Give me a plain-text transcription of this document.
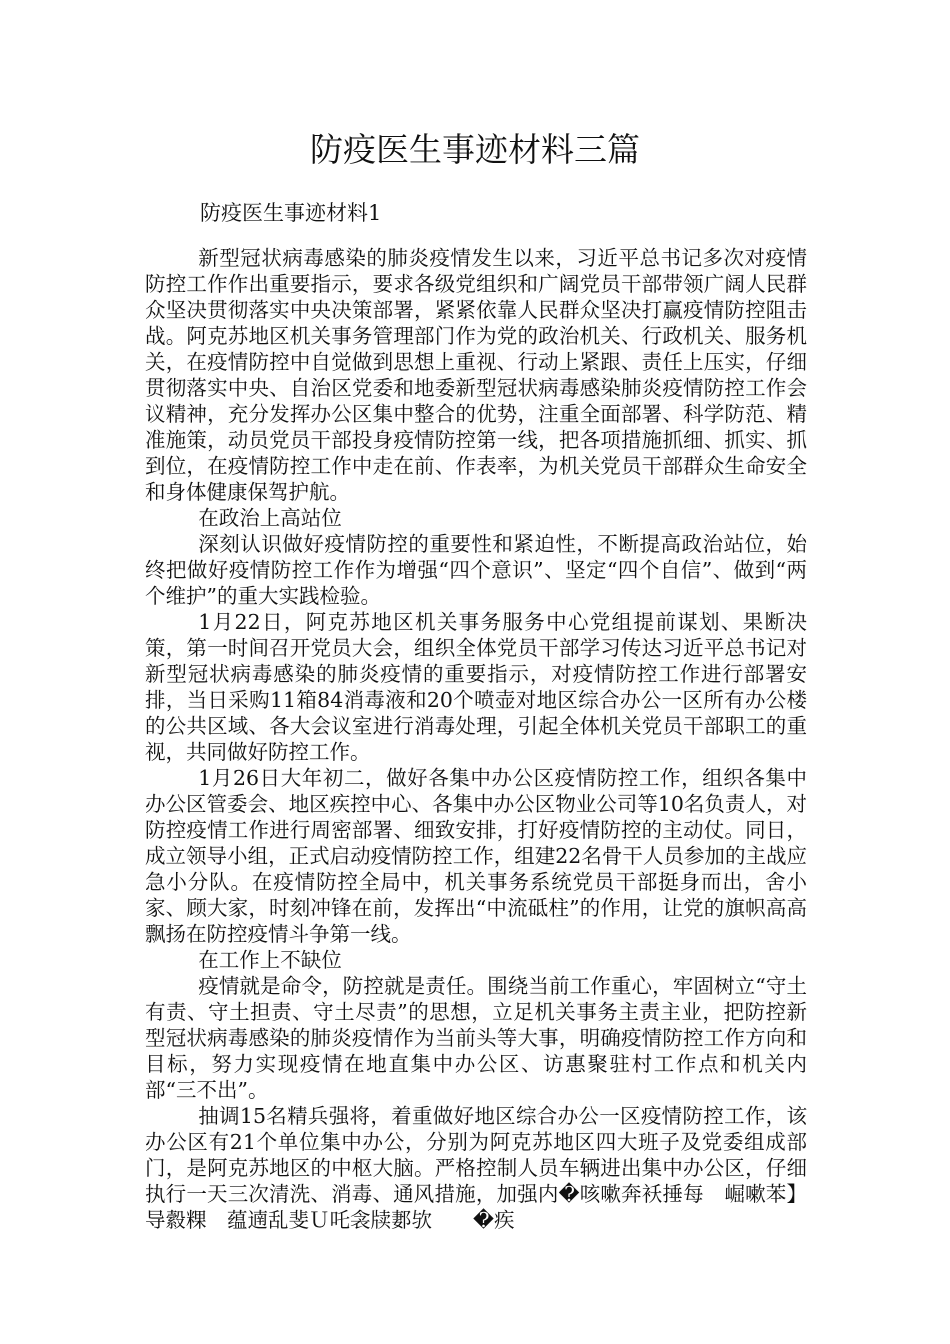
防疫医生事迹材料三篇
防疫医生事迹材料1

新型冠状病毒感染的肺炎疫情发生以来，习近平总书记多次对疫情防控工作作出重要指示，要求各级党组织和广阔党员干部带领广阔人民群众坚决贯彻落实中央决策部署，紧紧依靠人民群众坚决打赢疫情防控阻击战。阿克苏地区机关事务管理部门作为党的政治机关、行政机关、服务机关，在疫情防控中自觉做到思想上重视、行动上紧跟、责任上压实，仔细贯彻落实中央、自治区党委和地委新型冠状病毒感染肺炎疫情防控工作会议精神，充分发挥办公区集中整合的优势，注重全面部署、科学防范、精准施策，动员党员干部投身疫情防控第一线，把各项措施抓细、抓实、抓到位，在疫情防控工作中走在前、作表率，为机关党员干部群众生命安全和身体健康保驾护航。

在政治上高站位

深刻认识做好疫情防控的重要性和紧迫性，不断提高政治站位，始终把做好疫情防控工作作为增强“四个意识”、坚定“四个自信”、做到“两个维护”的重大实践检验。

1月22日，阿克苏地区机关事务服务中心党组提前谋划、果断决策，第一时间召开党员大会，组织全体党员干部学习传达习近平总书记对新型冠状病毒感染的肺炎疫情的重要指示，对疫情防控工作进行部署安排，当日采购11箱84消毒液和20个喷壶对地区综合办公一区所有办公楼的公共区域、各大会议室进行消毒处理，引起全体机关党员干部职工的重视，共同做好防控工作。

1月26日大年初二，做好各集中办公区疫情防控工作，组织各集中办公区管委会、地区疾控中心、各集中办公区物业公司等10名负责人，对防控疫情工作进行周密部署、细致安排，打好疫情防控的主动仗。同日，成立领导小组，正式启动疫情防控工作，组建22名骨干人员参加的主战应急小分队。在疫情防控全局中，机关事务系统党员干部挺身而出，舍小家、顾大家，时刻冲锋在前，发挥出“中流砥柱”的作用，让党的旗帜高高飘扬在防控疫情斗争第一线。

在工作上不缺位

疫情就是命令，防控就是责任。围绕当前工作重心，牢固树立“守土有责、守土担责、守土尽责”的思想，立足机关事务主责主业，把防控新型冠状病毒感染的肺炎疫情作为当前头等大事，明确疫情防控工作方向和目标，努力实现疫情在地直集中办公区、访惠聚驻村工作点和机关内部“三不出”。

抽调15名精兵强将，着重做好地区综合办公一区疫情防控工作，该办公区有21个单位集中办公，分别为阿克苏地区四大班子及党委组成部门，是阿克苏地区的中枢大脑。严格控制人员车辆进出集中办公区，仔细执行一天三次清洗、消毒、通风措施，加强内�咳嗽奔袄捶每　崛嗽苯】导縠粿　蕴遖乱斐Ｕ吒衾牍郪欤　　�疾
